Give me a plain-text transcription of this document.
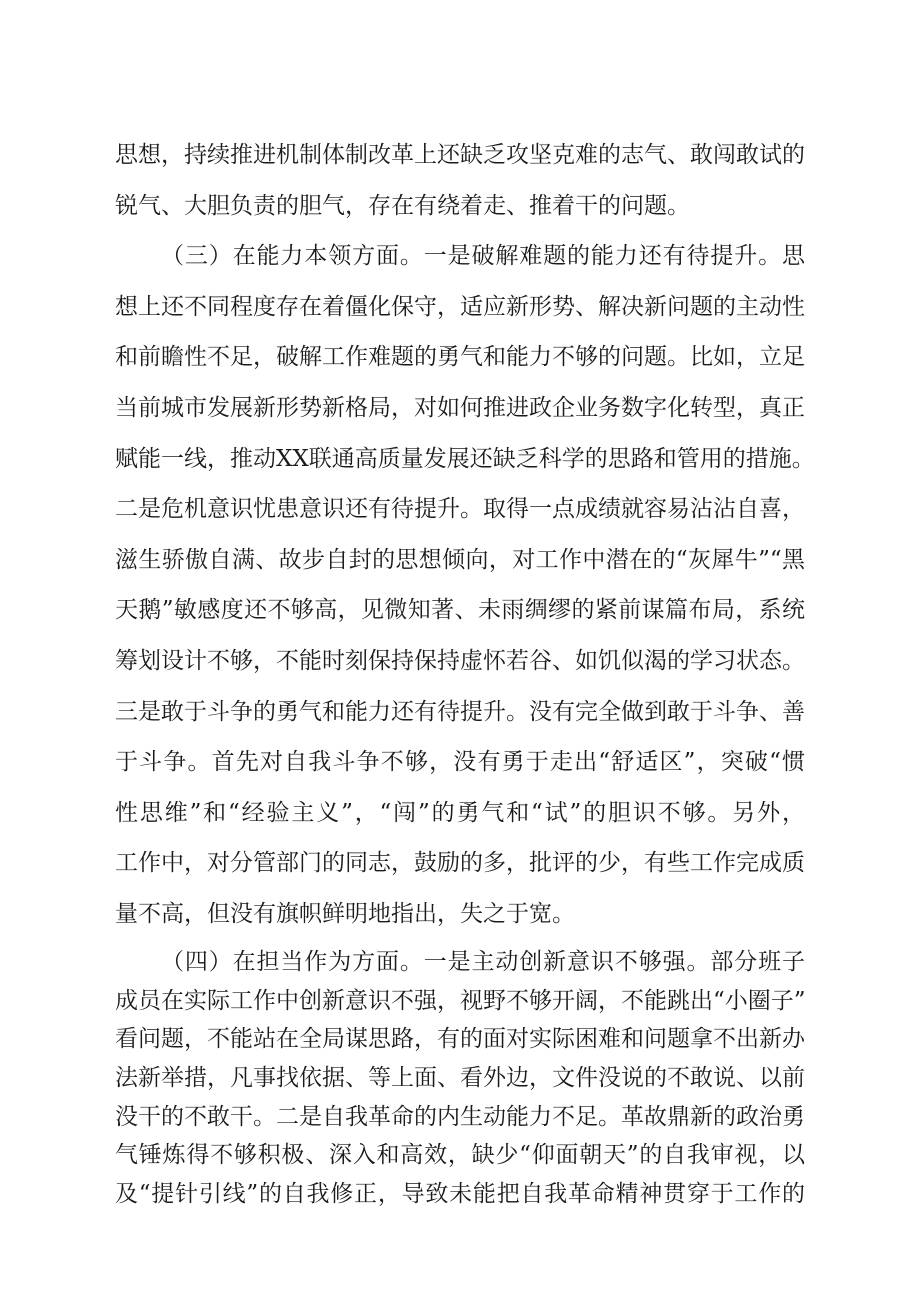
思想，持续推进机制体制改革上还缺乏攻坚克难的志气、敢闯敢试的
锐气、大胆负责的胆气，存在有绕着走、推着干的问题。
（三）在能力本领方面。一是破解难题的能力还有待提升。思
想上还不同程度存在着僵化保守，适应新形势、解决新问题的主动性
和前瞻性不足，破解工作难题的勇气和能力不够的问题。比如，立足
当前城市发展新形势新格局，对如何推进政企业务数字化转型，真正
赋能一线，推动XX联通高质量发展还缺乏科学的思路和管用的措施。
二是危机意识忧患意识还有待提升。取得一点成绩就容易沾沾自喜，
滋生骄傲自满、故步自封的思想倾向，对工作中潜在的“灰犀牛”“黑
天鹅”敏感度还不够高，见微知著、未雨绸缪的紧前谋篇布局，系统
筹划设计不够，不能时刻保持保持虚怀若谷、如饥似渴的学习状态。
三是敢于斗争的勇气和能力还有待提升。没有完全做到敢于斗争、善
于斗争。首先对自我斗争不够，没有勇于走出“舒适区”，突破“惯
性思维”和“经验主义”，“闯”的勇气和“试”的胆识不够。另外，
工作中，对分管部门的同志，鼓励的多，批评的少，有些工作完成质
量不高，但没有旗帜鲜明地指出，失之于宽。
（四）在担当作为方面。一是主动创新意识不够强。部分班子
成员在实际工作中创新意识不强，视野不够开阔，不能跳出“小圈子”
看问题，不能站在全局谋思路，有的面对实际困难和问题拿不出新办
法新举措，凡事找依据、等上面、看外边，文件没说的不敢说、以前
没干的不敢干。二是自我革命的内生动能力不足。革故鼎新的政治勇
气锤炼得不够积极、深入和高效，缺少“仰面朝天”的自我审视，以
及“提针引线”的自我修正，导致未能把自我革命精神贯穿于工作的
